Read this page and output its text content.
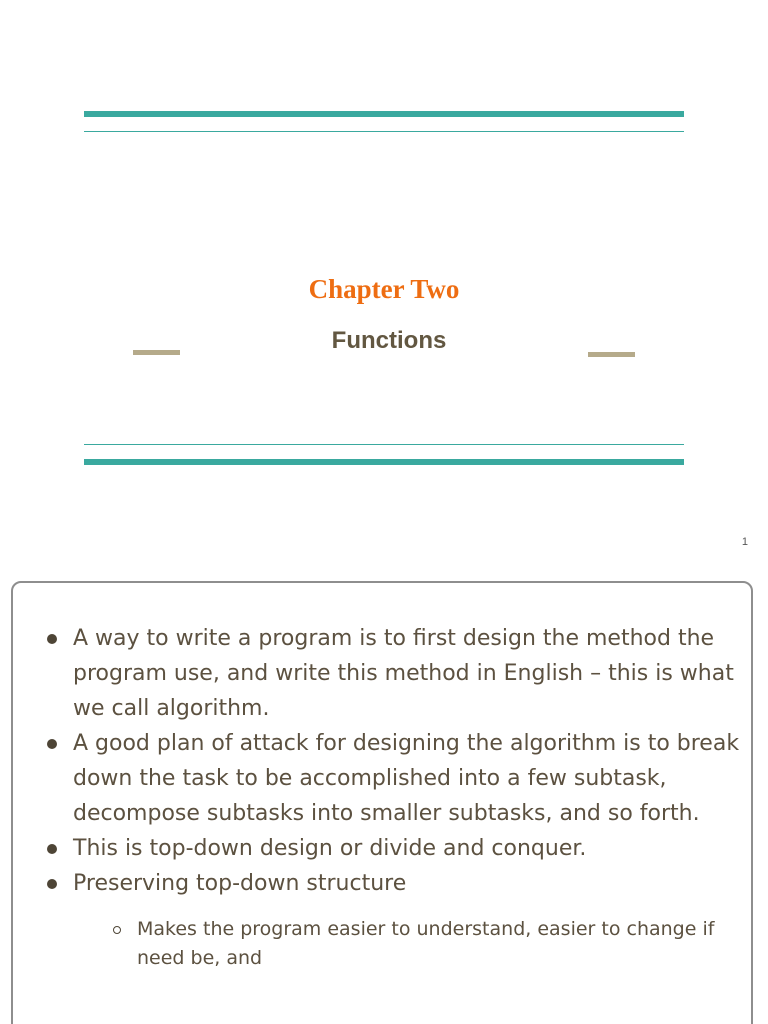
Chapter Two
Functions
1
A way to write a program is to first design the method the program use, and write this method in English – this is what we call algorithm.
A good plan of attack for designing the algorithm is to break down the task to be accomplished into a few subtask, decompose subtasks into smaller subtasks, and so forth.
This is top-down design or divide and conquer.
Preserving top-down structure
Makes the program easier to understand, easier to change if need be, and
